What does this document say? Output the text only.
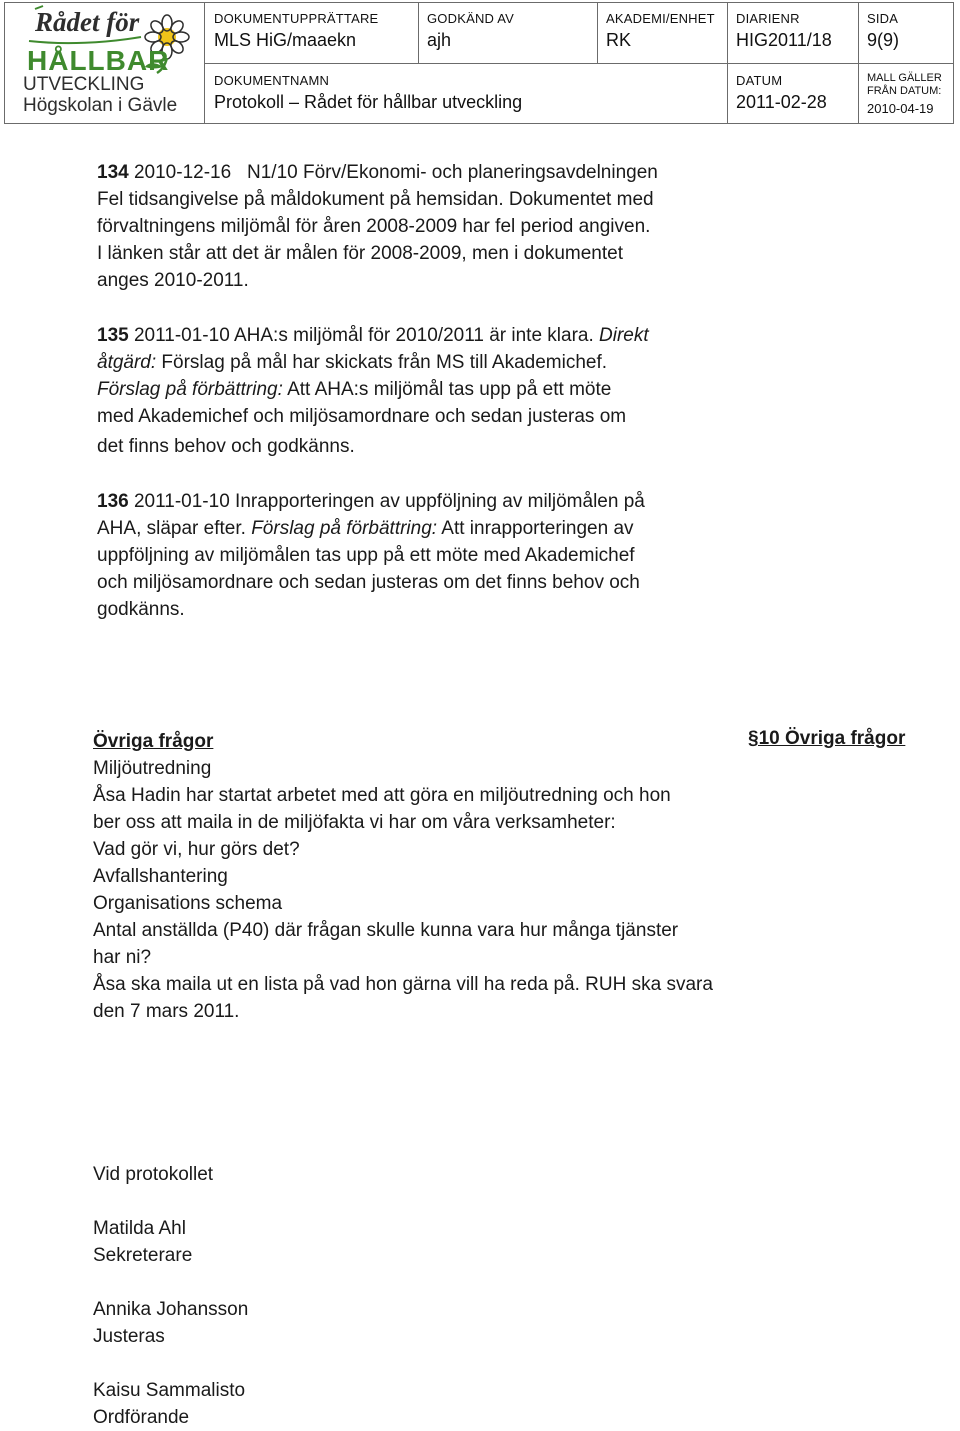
Rådet för
HÅLLBAR
UTVECKLING
Högskolan i Gävle
DOKUMENTUPPRÄTTARE
MLS HiG/maaekn
GODKÄND AV
ajh
AKADEMI/ENHET
RK
DIARIENR
HIG2011/18
SIDA
9(9)
DOKUMENTNAMN
Protokoll – Rådet för hållbar utveckling
DATUM
2011-02-28
MALL GÄLLER
FRÅN DATUM:
2010-04-19
134 2010-12-16   N1/10 Förv/Ekonomi- och planeringsavdelningen
Fel tidsangivelse på måldokument på hemsidan. Dokumentet med
förvaltningens miljömål för åren 2008-2009 har fel period angiven.
I länken står att det är målen för 2008-2009, men i dokumentet
anges 2010-2011.
135 2011-01-10 AHA:s miljömål för 2010/2011 är inte klara. Direkt
åtgärd: Förslag på mål har skickats från MS till Akademichef.
Förslag på förbättring: Att AHA:s miljömål tas upp på ett möte
med Akademichef och miljösamordnare och sedan justeras om
det finns behov och godkänns.
136 2011-01-10 Inrapporteringen av uppföljning av miljömålen på
AHA, släpar efter. Förslag på förbättring: Att inrapporteringen av
uppföljning av miljömålen tas upp på ett möte med Akademichef
och miljösamordnare och sedan justeras om det finns behov och
godkänns.
§10 Övriga frågor
Övriga frågor
Miljöutredning
Åsa Hadin har startat arbetet med att göra en miljöutredning och hon
ber oss att maila in de miljöfakta vi har om våra verksamheter:
Vad gör vi, hur görs det?
Avfallshantering
Organisations schema
Antal anställda (P40) där frågan skulle kunna vara hur många tjänster
har ni?
Åsa ska maila ut en lista på vad hon gärna vill ha reda på. RUH ska svara
den 7 mars 2011.
Vid protokollet
Matilda Ahl
Sekreterare
Annika Johansson
Justeras
Kaisu Sammalisto
Ordförande
